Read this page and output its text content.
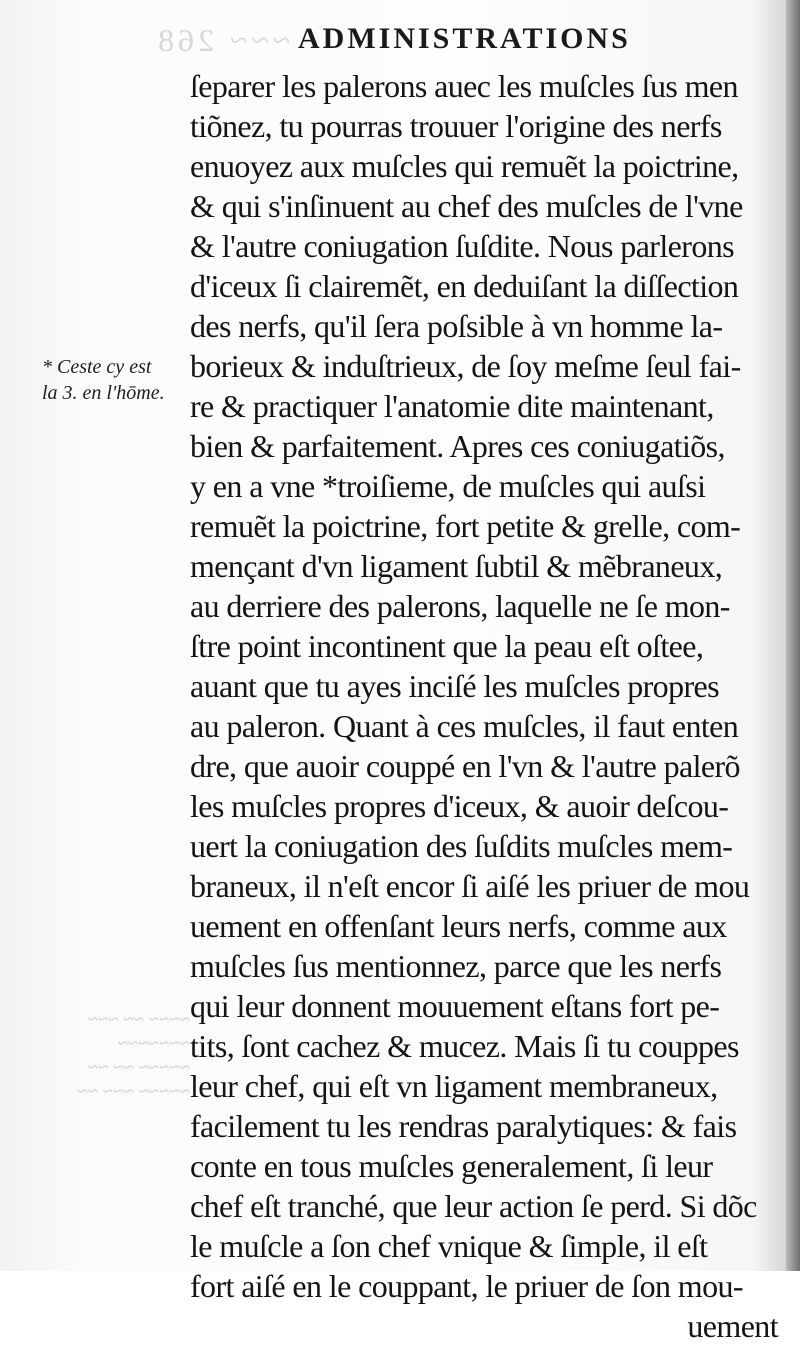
~~~ 268 ADMINISTRATIONS
* Ceste cy est
la 3. en l'hōme.
~~~~ ~~ ~~~
~~~~~~~
~~~~~ ~~ ~~
~~~~~ ~~~ ~~
ſeparer les palerons auec les muſcles ſus men
tiõnez, tu pourras trouuer l'origine des nerfs
enuoyez aux muſcles qui remuẽt la poictrine,
& qui s'inſinuent au chef des muſcles de l'vne
& l'autre coniugation ſuſdite. Nous parlerons
d'iceux ſi clairemẽt, en deduiſant la diſſection
des nerfs, qu'il ſera poſsible à vn homme la-
borieux & induſtrieux, de ſoy meſme ſeul fai-
re & practiquer l'anatomie dite maintenant,
bien & parfaitement. Apres ces coniugatiõs,
y en a vne *troiſieme, de muſcles qui auſsi
remuẽt la poictrine, fort petite & grelle, com-
mençant d'vn ligament ſubtil & mẽbraneux,
au derriere des palerons, laquelle ne ſe mon-
ſtre point incontinent que la peau eſt oſtee,
auant que tu ayes inciſé les muſcles propres
au paleron. Quant à ces muſcles, il faut enten
dre, que auoir couppé en l'vn & l'autre palerõ
les muſcles propres d'iceux, & auoir deſcou-
uert la coniugation des ſuſdits muſcles mem-
braneux, il n'eſt encor ſi aiſé les priuer de mou
uement en offenſant leurs nerfs, comme aux
muſcles ſus mentionnez, parce que les nerfs
qui leur donnent mouuement eſtans fort pe-
tits, ſont cachez & mucez. Mais ſi tu couppes
leur chef, qui eſt vn ligament membraneux,
facilement tu les rendras paralytiques: & fais
conte en tous muſcles generalement, ſi leur
chef eſt tranché, que leur action ſe perd. Si dõc
le muſcle a ſon chef vnique & ſimple, il eſt
fort aiſé en le couppant, le priuer de ſon mou-
uement
